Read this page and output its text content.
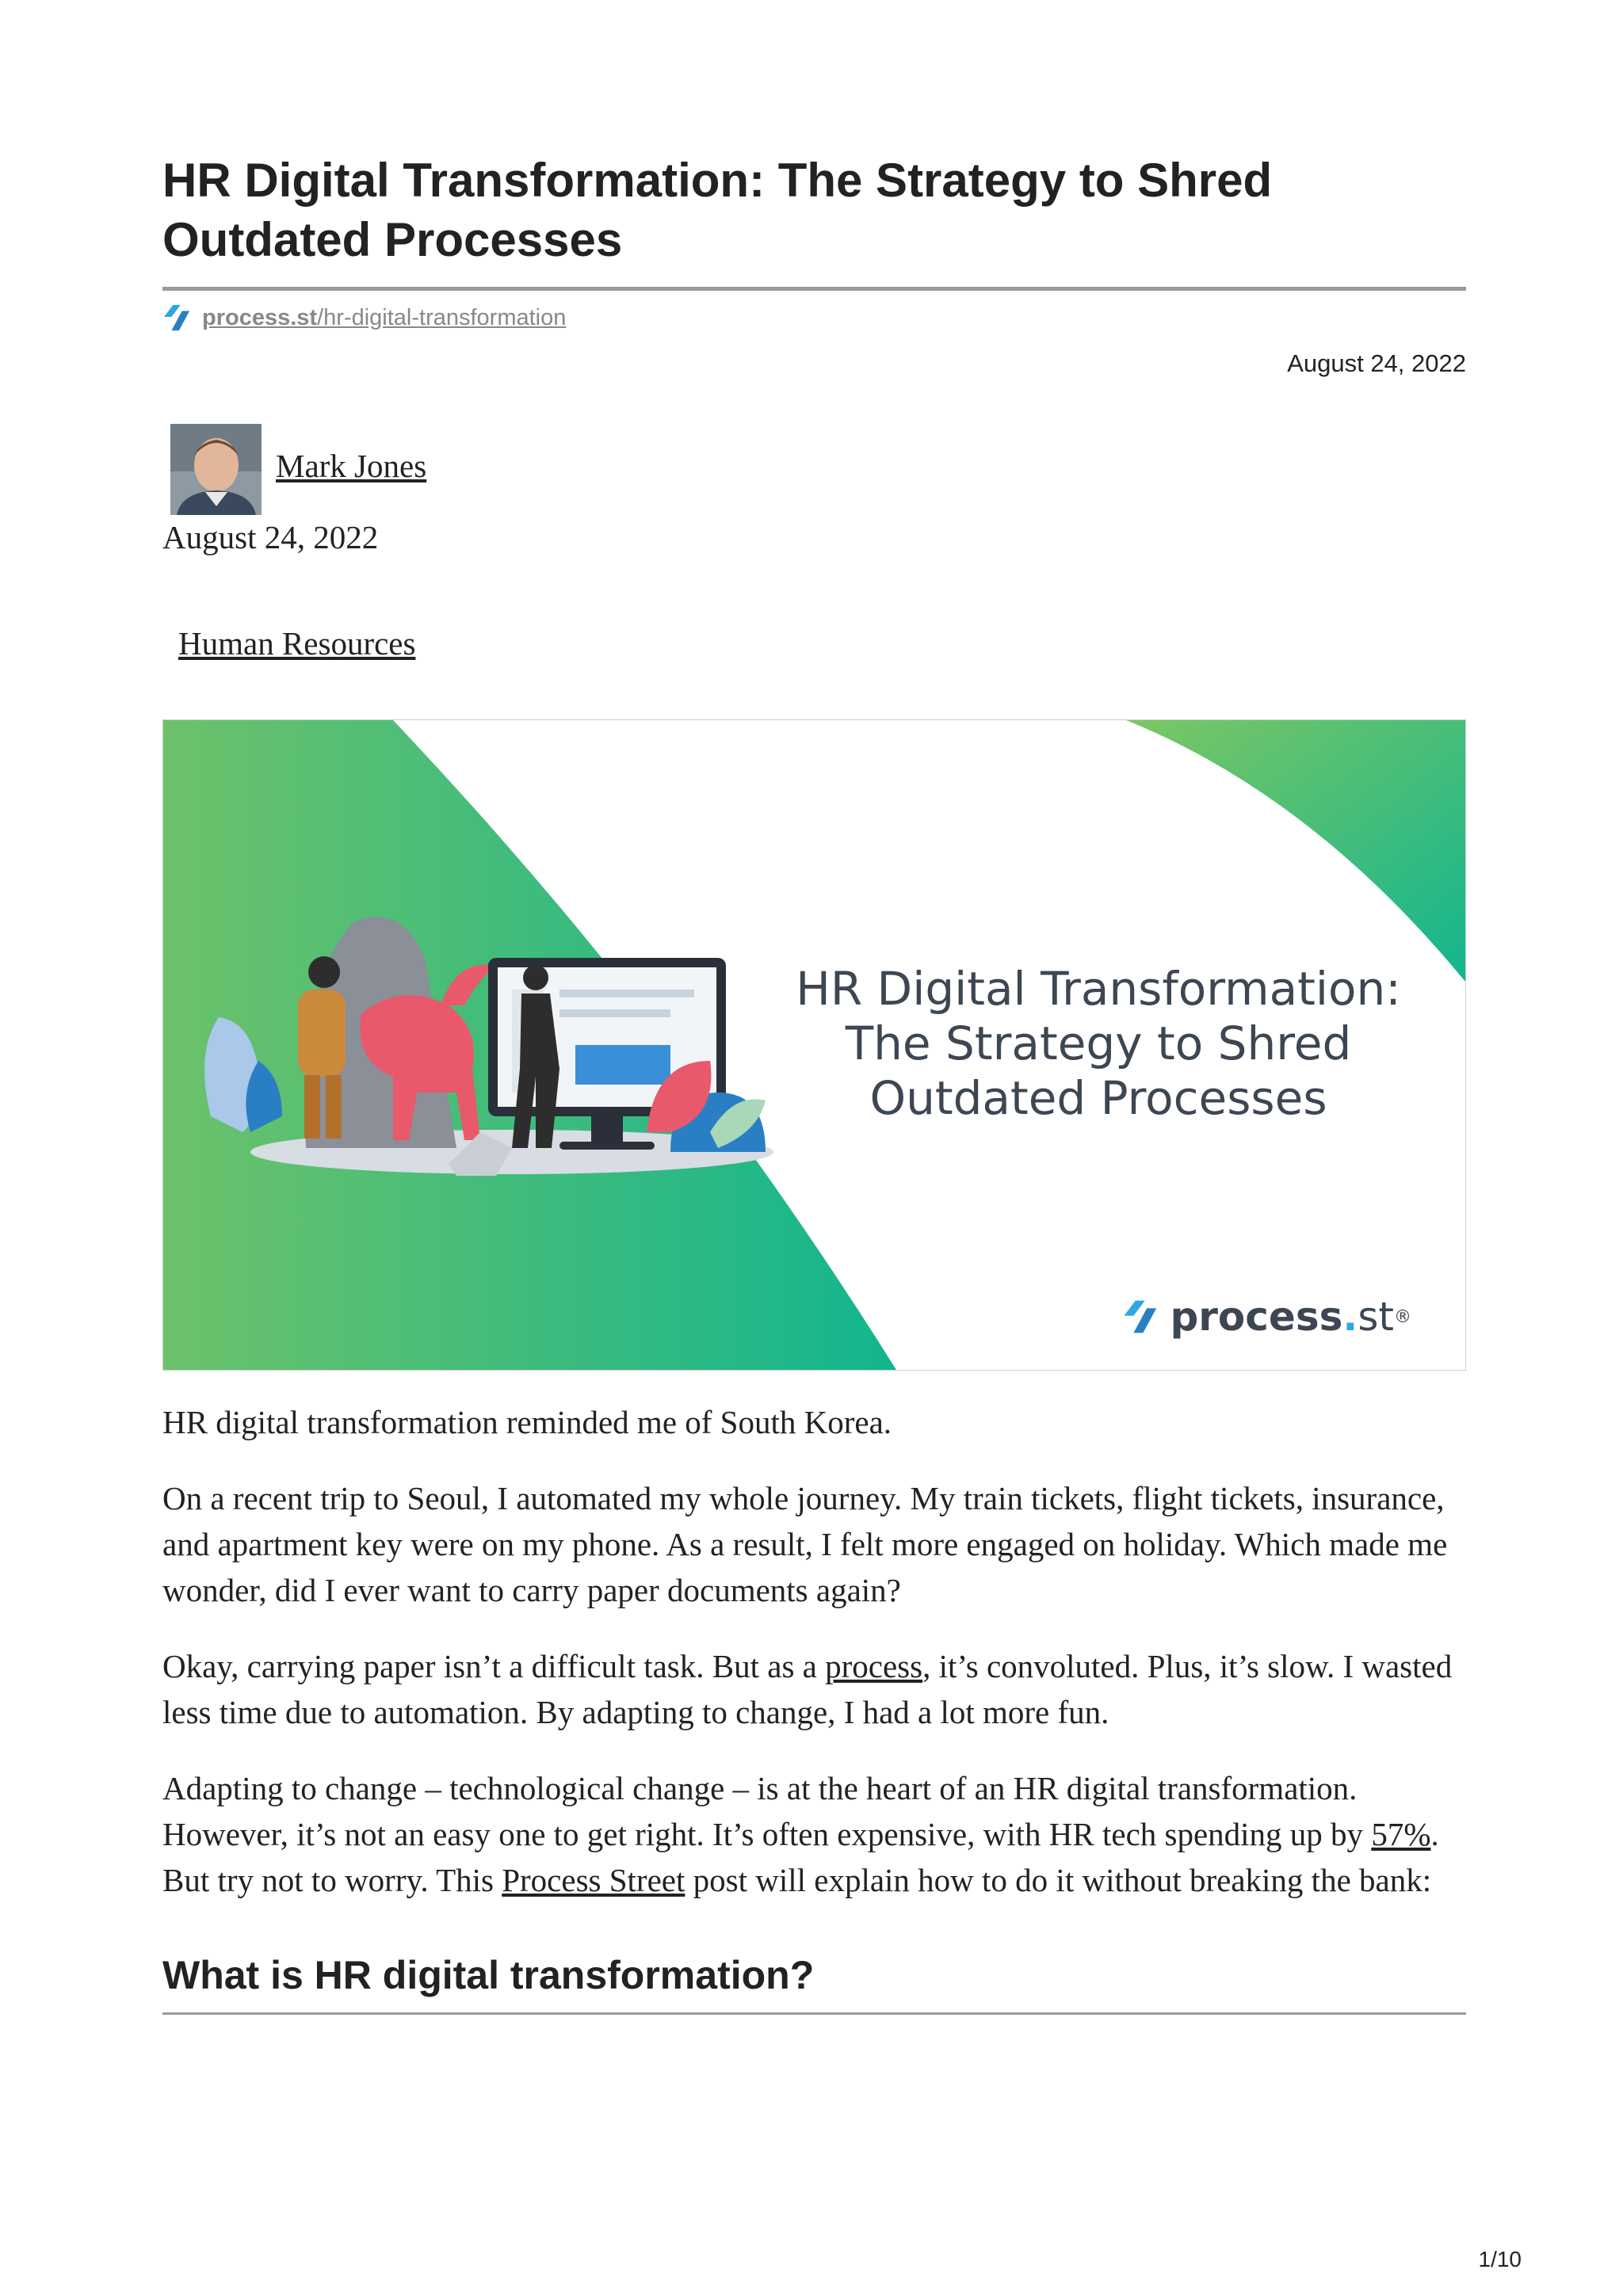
HR Digital Transformation: The Strategy to Shred Outdated Processes
process.st/hr-digital-transformation
August 24, 2022
Mark Jones
August 24, 2022
Human Resources
HR Digital Transformation:
The Strategy to Shred
Outdated Processes
process . st ®

HR digital transformation reminded me of South Korea.

On a recent trip to Seoul, I automated my whole journey. My train tickets, flight tickets, insurance, and apartment key were on my phone. As a result, I felt more engaged on holiday. Which made me wonder, did I ever want to carry paper documents again?

Okay, carrying paper isn’t a difficult task. But as a process, it’s convoluted. Plus, it’s slow. I wasted less time due to automation. By adapting to change, I had a lot more fun.

Adapting to change – technological change – is at the heart of an HR digital transformation. However, it’s not an easy one to get right. It’s often expensive, with HR tech spending up by 57%. But try not to worry. This Process Street post will explain how to do it without breaking the bank:

What is HR digital transformation?
1/10
